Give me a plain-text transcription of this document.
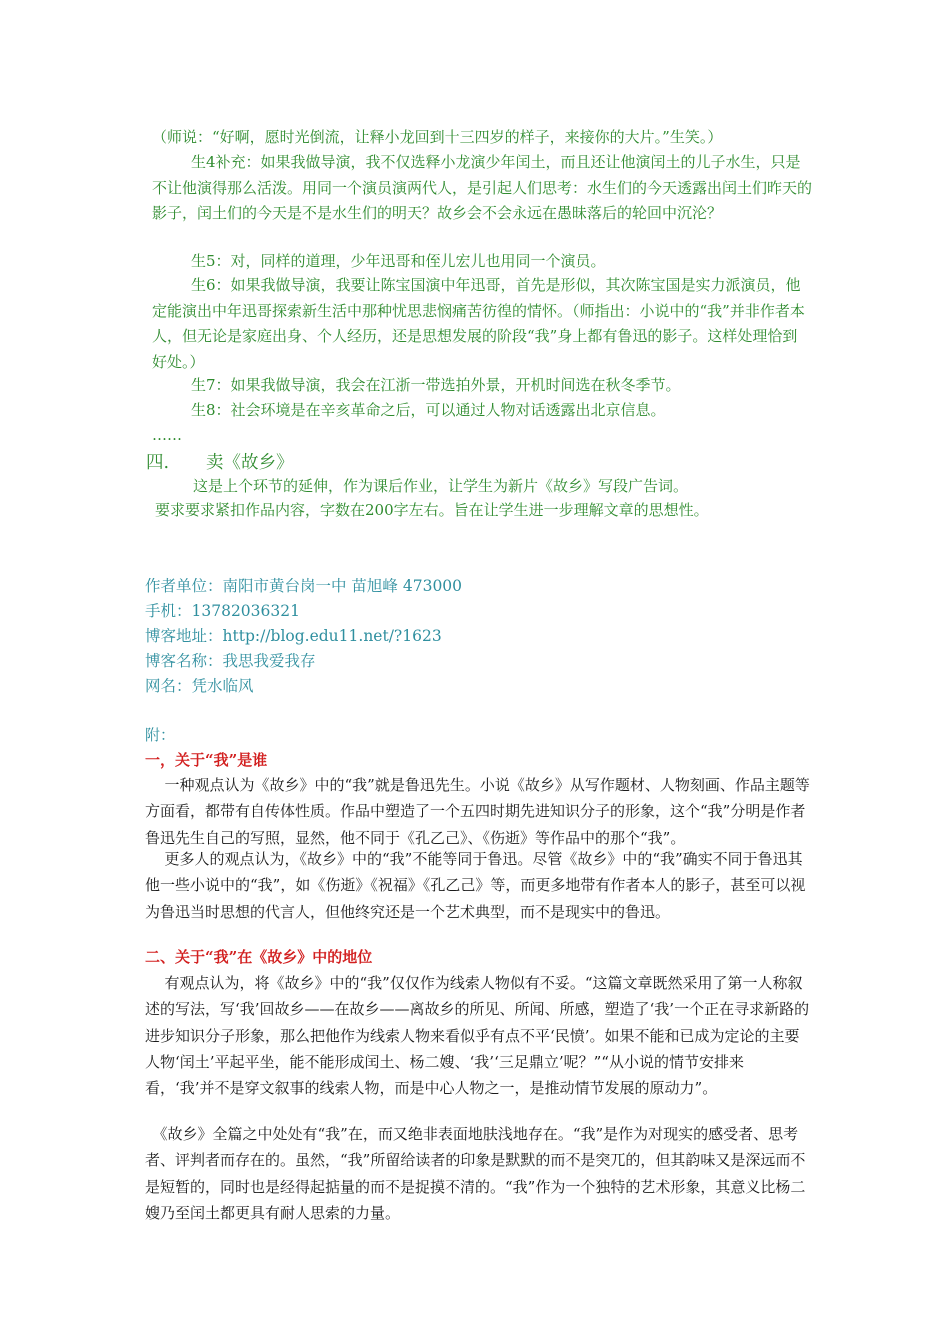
（师说：“好啊，愿时光倒流，让释小龙回到十三四岁的样子，来接你的大片。”生笑。）

生4补充：如果我做导演，我不仅选释小龙演少年闰土，而且还让他演闰土的儿子水生，只是不让他演得那么活泼。用同一个演员演两代人，是引起人们思考：水生们的今天透露出闰土们昨天的影子，闰土们的今天是不是水生们的明天？故乡会不会永远在愚昧落后的轮回中沉沦？

生5：对，同样的道理，少年迅哥和侄儿宏儿也用同一个演员。

生6：如果我做导演，我要让陈宝国演中年迅哥，首先是形似，其次陈宝国是实力派演员，他定能演出中年迅哥探索新生活中那种忧思悲悯痛苦彷徨的情怀。（师指出：小说中的“我”并非作者本人，但无论是家庭出身、个人经历，还是思想发展的阶段“我”身上都有鲁迅的影子。这样处理恰到好处。）

生7：如果我做导演，我会在江浙一带选拍外景，开机时间选在秋冬季节。

生8：社会环境是在辛亥革命之后，可以通过人物对话透露出北京信息。

……

四. 卖《故乡》

这是上个环节的延伸，作为课后作业，让学生为新片《故乡》写段广告词。

要求要求紧扣作品内容，字数在200字左右。旨在让学生进一步理解文章的思想性。

作者单位：南阳市黄台岗一中 苗旭峰 473000

手机：13782036321

博客地址：http://blog.edu11.net/?1623

博客名称：我思我爱我存

网名：凭水临风

附：

一，关于“我”是谁

一种观点认为《故乡》中的“我”就是鲁迅先生。小说《故乡》从写作题材、人物刻画、作品主题等方面看，都带有自传体性质。作品中塑造了一个五四时期先进知识分子的形象，这个“我”分明是作者鲁迅先生自己的写照，显然，他不同于《孔乙己》、《伤逝》等作品中的那个“我”。

更多人的观点认为，《故乡》中的“我”不能等同于鲁迅。尽管《故乡》中的“我”确实不同于鲁迅其他一些小说中的“我”，如《伤逝》《祝福》《孔乙己》等，而更多地带有作者本人的影子，甚至可以视为鲁迅当时思想的代言人，但他终究还是一个艺术典型，而不是现实中的鲁迅。

二、关于“我”在《故乡》中的地位

有观点认为，将《故乡》中的“我”仅仅作为线索人物似有不妥。“这篇文章既然采用了第一人称叙述的写法，写‘我’回故乡——在故乡——离故乡的所见、所闻、所感，塑造了‘我’一个正在寻求新路的进步知识分子形象，那么把他作为线索人物来看似乎有点不平‘民愤’。如果不能和已成为定论的主要人物‘闰土’平起平坐，能不能形成闰土、杨二嫂、‘我’‘三足鼎立’呢？”“从小说的情节安排来看，‘我’并不是穿文叙事的线索人物，而是中心人物之一，是推动情节发展的原动力”。

《故乡》全篇之中处处有“我”在，而又绝非表面地肤浅地存在。“我”是作为对现实的感受者、思考者、评判者而存在的。虽然，“我”所留给读者的印象是默默的而不是突兀的，但其韵味又是深远而不是短暂的，同时也是经得起掂量的而不是捉摸不清的。“我”作为一个独特的艺术形象，其意义比杨二嫂乃至闰土都更具有耐人思索的力量。
